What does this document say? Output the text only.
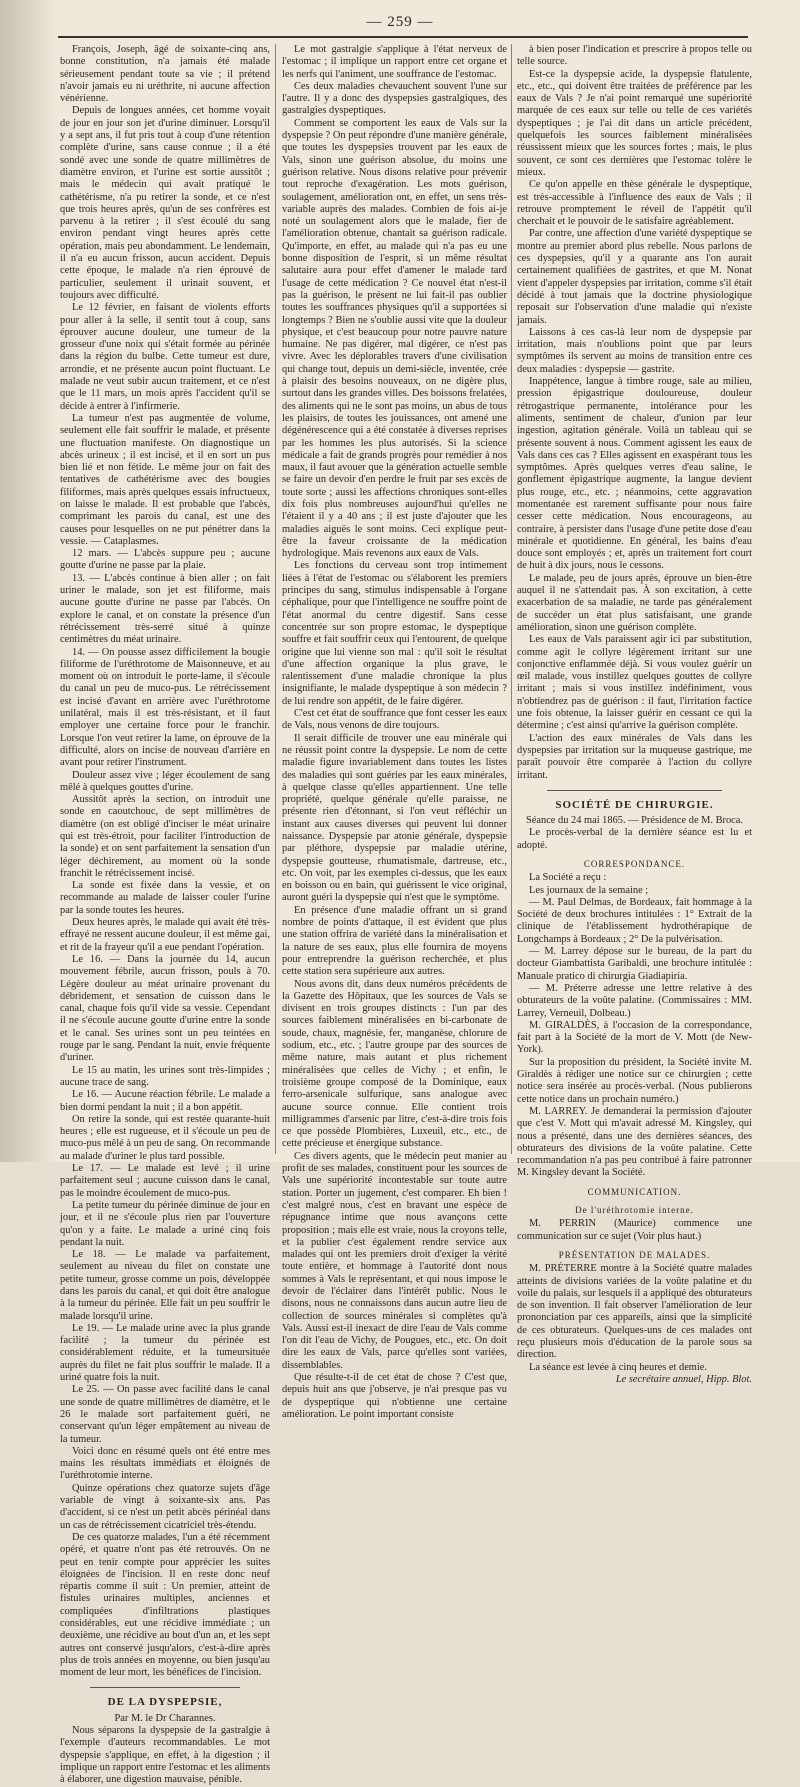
— 259 —

François, Joseph, âgé de soixante-cinq ans, bonne constitution, n'a jamais été malade sérieusement pendant toute sa vie ; il prétend n'avoir jamais eu ni uréthrite, ni aucune affection vénérienne.

Depuis de longues années, cet homme voyait de jour en jour son jet d'urine diminuer. Lorsqu'il y a sept ans, il fut pris tout à coup d'une rétention complète d'urine, sans cause connue ; il a été sondé avec une sonde de quatre millimètres de diamètre environ, et l'urine est sortie aussitôt ; mais le médecin qui avait pratiqué le cathétérisme, n'a pu retirer la sonde, et ce n'est que trois heures après, qu'un de ses confrères est parvenu à la retirer ; il s'est écoulé du sang environ pendant vingt heures après cette opération, mais peu abondamment. Le lendemain, il n'a eu aucun frisson, aucun accident. Depuis cette époque, le malade n'a rien éprouvé de particulier, seulement il urinait souvent, et toujours avec difficulté.

Le 12 février, en faisant de violents efforts pour aller à la selle, il sentit tout à coup, sans éprouver aucune douleur, une tumeur de la grosseur d'une noix qui s'était formée au périnée dans la région du bulbe. Cette tumeur est dure, arrondie, et ne présente aucun point fluctuant. Le malade ne veut subir aucun traitement, et ce n'est que le 11 mars, un mois après l'accident qu'il se décide à entrer à l'infirmerie.

La tumeur n'est pas augmentée de volume, seulement elle fait souffrir le malade, et présente une fluctuation manifeste. On diagnostique un abcès urineux ; il est incisé, et il en sort un pus bien lié et non fétide. Le même jour on fait des tentatives de cathétérisme avec des bougies filiformes, mais après quelques essais infructueux, on laisse le malade. Il est probable que l'abcès, comprimant les parois du canal, est une des causes pour lesquelles on ne put pénétrer dans la vessie. — Cataplasmes.

12 mars. — L'abcès suppure peu ; aucune goutte d'urine ne passe par la plaie.

13. — L'abcès continue à bien aller ; on fait uriner le malade, son jet est filiforme, mais aucune goutte d'urine ne passe par l'abcès. On explore le canal, et on constate la présence d'un rétrécissement très-serré situé à quinze centimètres du méat urinaire.

14. — On pousse assez difficilement la bougie filiforme de l'uréthrotome de Maisonneuve, et au moment où on introduit le porte-lame, il s'écoule du canal un peu de muco-pus. Le rétrécissement est incisé d'avant en arrière avec l'uréthrotome unilatéral, mais il est très-résistant, et il faut employer une certaine force pour le franchir. Lorsque l'on veut retirer la lame, on éprouve de la difficulté, alors on incise de nouveau d'arrière en avant pour retirer l'instrument.

Douleur assez vive ; léger écoulement de sang mêlé à quelques gouttes d'urine.

Aussitôt après la section, on introduit une sonde en caoutchouc, de sept millimètres de diamètre (on est obligé d'inciser le méat urinaire qui est très-étroit, pour faciliter l'introduction de la sonde) et on sent parfaitement la sensation d'un léger déchirement, au moment où la sonde franchit le rétrécissement incisé.

La sonde est fixée dans la vessie, et on recommande au malade de laisser couler l'urine par la sonde toutes les heures.

Deux heures après, le malade qui avait été très-effrayé ne ressent aucune douleur, il est même gai, et rit de la frayeur qu'il a eue pendant l'opération.

Le 16. — Dans la journée du 14, aucun mouvement fébrile, aucun frisson, pouls à 70. Légère douleur au méat urinaire provenant du débridement, et sensation de cuisson dans le canal, chaque fois qu'il vide sa vessie. Cependant il ne s'écoule aucune goutte d'urine entre la sonde et le canal. Ses urines sont un peu teintées en rouge par le sang. Pendant la nuit, envie fréquente d'uriner.

Le 15 au matin, les urines sont très-limpides ; aucune trace de sang.

Le 16. — Aucune réaction fébrile. Le malade a bien dormi pendant la nuit ; il a bon appétit.

On retire la sonde, qui est restée quarante-huit heures ; elle est rugueuse, et il s'écoule un peu de muco-pus mêlé à un peu de sang. On recommande au malade d'uriner le plus tard possible.

Le 17. — Le malade est levé ; il urine parfaitement seul ; aucune cuisson dans le canal, pas le moindre écoulement de muco-pus.

La petite tumeur du périnée diminue de jour en jour, et il ne s'écoule plus rien par l'ouverture qu'on y a faite. Le malade a uriné cinq fois pendant la nuit.

Le 18. — Le malade va parfaitement, seulement au niveau du filet on constate une petite tumeur, grosse comme un pois, développée dans les parois du canal, et qui doit être analogue à la tumeur du périnée. Elle fait un peu souffrir le malade lorsqu'il urine.

Le 19. — Le malade urine avec la plus grande facilité ; la tumeur du périnée est considérablement réduite, et la tumeursituée auprès du filet ne fait plus souffrir le malade. Il a uriné quatre fois la nuit.

Le 25. — On passe avec facilité dans le canal une sonde de quatre millimètres de diamètre, et le 26 le malade sort parfaitement guéri, ne conservant qu'un léger empâtement au niveau de la tumeur.

Voici donc en résumé quels ont été entre mes mains les résultats immédiats et éloignés de l'uréthrotomie interne.

Quinze opérations chez quatorze sujets d'âge variable de vingt à soixante-six ans. Pas d'accident, si ce n'est un petit abcès périnéal dans un cas de rétrécissement cicatriciel très-étendu.

De ces quatorze malades, l'un a été récemment opéré, et quatre n'ont pas été retrouvés. On ne peut en tenir compte pour apprécier les suites éloignées de l'incision. Il en reste donc neuf répartis comme il suit : Un premier, atteint de fistules urinaires multiples, anciennes et compliquées d'infiltrations plastiques considérables, eut une récidive immédiate ; un deuxième, une récidive au bout d'un an, et les sept autres ont conservé jusqu'alors, c'est-à-dire après plus de trois années en moyenne, ou bien jusqu'au moment de leur mort, les bénéfices de l'incision.

DE LA DYSPEPSIE,

Par M. le Dr Charannes.

Nous séparons la dyspepsie de la gastralgie à l'exemple d'auteurs recommandables. Le mot dyspepsie s'applique, en effet, à la digestion ; il implique un rapport entre l'estomac et les aliments à élaborer, une digestion mauvaise, pénible.

Le mot gastralgie s'applique à l'état nerveux de l'estomac ; il implique un rapport entre cet organe et les nerfs qui l'animent, une souffrance de l'estomac.

Ces deux maladies chevauchent souvent l'une sur l'autre. Il y a donc des dyspepsies gastralgiques, des gastralgies dyspeptiques.

Comment se comportent les eaux de Vals sur la dyspepsie ? On peut répondre d'une manière générale, que toutes les dyspepsies trouvent par les eaux de Vals, sinon une guérison absolue, du moins une guérison relative. Nous disons relative pour prévenir tout reproche d'exagération. Les mots guérison, soulagement, amélioration ont, en effet, un sens très-variable auprès des malades. Combien de fois ai-je noté un soulagement alors que le malade, fier de l'amélioration obtenue, chantait sa guérison radicale. Qu'importe, en effet, au malade qui n'a pas eu une bonne disposition de l'esprit, si un même résultat salutaire aura pour effet d'amener le malade tard l'usage de cette médication ? Ce nouvel état n'est-il pas la guérison, le présent ne lui fait-il pas oublier toutes les souffrances physiques qu'il a supportées si longtemps ? Bien ne s'oublie aussi vite que la douleur physique, et c'est beaucoup pour notre pauvre nature humaine. Ne pas digérer, mal digérer, ce n'est pas vivre. Avec les déplorables travers d'une civilisation qui change tout, depuis un demi-siècle, inventée, crée à plaisir des besoins nouveaux, on ne digère plus, surtout dans les grandes villes. Des boissons frelatées, des aliments qui ne le sont pas moins, un abus de tous les plaisirs, de toutes les jouissances, ont amené une dégénérescence qui a été constatée à diverses reprises par les hommes les plus autorisés. Si la science médicale a fait de grands progrès pour remédier à nos maux, il faut avouer que la génération actuelle semble se faire un devoir d'en perdre le fruit par ses excès de toute sorte ; aussi les affections chroniques sont-elles dix fois plus nombreuses aujourd'hui qu'elles ne l'étaient il y a 40 ans ; il est juste d'ajouter que les maladies aiguës le sont moins. Ceci explique peut-être la faveur croissante de la médication hydrologique. Mais revenons aux eaux de Vals.

Les fonctions du cerveau sont trop intimement liées à l'état de l'estomac ou s'élaborent les premiers principes du sang, stimulus indispensable à l'organe céphalique, pour que l'intelligence ne souffre point de l'état anormal du centre digestif. Sans cesse concentrée sur son propre estomac, le dyspeptique souffre et fait souffrir ceux qui l'entourent, de quelque origine que lui vienne son mal : qu'il soit le résultat d'une affection organique la plus grave, le ralentissement d'une maladie chronique la plus insignifiante, le malade dyspeptique à son médecin ? de lui rendre son appétit, de le faire digérer.

C'est cet état de souffrance que font cesser les eaux de Vals, nous venons de dire toujours.

Il serait difficile de trouver une eau minérale qui ne réussit point contre la dyspepsie. Le nom de cette maladie figure invariablement dans toutes les listes des maladies qui sont guéries par les eaux minérales, à quelque classe qu'elles appartiennent. Une telle propriété, quelque générale qu'elle paraisse, ne présente rien d'étonnant, si l'on veut réfléchir un instant aux causes diverses qui peuvent lui donner naissance. Dyspepsie par atonie générale, dyspepsie par pléthore, dyspepsie par maladie utérine, dyspepsie goutteuse, rhumatismale, dartreuse, etc., etc. On voit, par les exemples ci-dessus, que les eaux en boisson ou en bain, qui guérissent le vice original, auront guéri la dyspepsie qui n'est que le symptôme.

En présence d'une maladie offrant un si grand nombre de points d'attaque, il est évident que plus une station offrira de variété dans la minéralisation et la nature de ses eaux, plus elle fournira de moyens pour entreprendre la guérison recherchée, et plus cette station sera supérieure aux autres.

Nous avons dit, dans deux numéros précédents de la Gazette des Hôpitaux, que les sources de Vals se divisent en trois groupes distincts : l'un par des sources faiblement minéralisées en bi-carbonate de soude, chaux, magnésie, fer, manganèse, chlorure de sodium, etc., etc. ; l'autre groupe par des sources de même nature, mais autant et plus richement minéralisées que celles de Vichy ; et enfin, le troisième groupe composé de la Dominique, eaux ferro-arsenicale sulfurique, sans analogue avec aucune source connue. Elle contient trois milligrammes d'arsenic par litre, c'est-à-dire trois fois ce que possède Plombières, Luxeuil, etc., etc., de cette précieuse et énergique substance.

Ces divers agents, que le médecin peut manier au profit de ses malades, constituent pour les sources de Vals une supériorité incontestable sur toute autre station. Porter un jugement, c'est comparer. Eh bien ! c'est malgré nous, c'est en bravant une espèce de répugnance intime que nous avançons cette proposition ; mais elle est vraie, nous la croyons telle, et la publier c'est également rendre service aux malades qui ont les premiers droit d'exiger la vérité toute entière, et hommage à l'autorité dont nous sommes à Vals le représentant, et qui nous impose le devoir de l'éclairer dans l'intérêt public. Nous le disons, nous ne connaissons dans aucun autre lieu de collection de sources minérales si complètes qu'à Vals. Aussi est-il inexact de dire l'eau de Vals comme l'on dit l'eau de Vichy, de Pougues, etc., etc. On doit dire les eaux de Vals, parce qu'elles sont variées, dissemblables.

Que résulte-t-il de cet état de chose ? C'est que, depuis huit ans que j'observe, je n'ai presque pas vu de dyspeptique qui n'obtienne une certaine amélioration. Le point important consiste

à bien poser l'indication et prescrire à propos telle ou telle source.

Est-ce la dyspepsie acide, la dyspepsie flatulente, etc., etc., qui doivent être traitées de préférence par les eaux de Vals ? Je n'ai point remarqué une supériorité marquée de ces eaux sur telle ou telle de ces variétés dyspeptiques ; je l'ai dit dans un article précédent, quelquefois les sources faiblement minéralisées réussissent mieux que les sources fortes ; mais, le plus souvent, ce sont ces dernières que l'estomac tolère le mieux.

Ce qu'on appelle en thèse générale le dyspeptique, est très-accessible à l'influence des eaux de Vals ; il retrouve promptement le réveil de l'appétit qu'il cherchait et le pouvoir de le satisfaire agréablement.

Par contre, une affection d'une variété dyspeptique se montre au premier abord plus rebelle. Nous parlons de ces dyspepsies, qu'il y a quarante ans l'on aurait certainement qualifiées de gastrites, et que M. Nonat vient d'appeler dyspepsies par irritation, comme s'il était décidé à tout jamais que la doctrine physiologique reposait sur l'observation d'une maladie qui n'existe jamais.

Laissons à ces cas-là leur nom de dyspepsie par irritation, mais n'oublions point que par leurs symptômes ils servent au moins de transition entre ces deux maladies : dyspepsie — gastrite.

Inappétence, langue à timbre rouge, sale au milieu, pression épigastrique douloureuse, douleur rétrogastrique permanente, intolérance pour les aliments, sentiment de chaleur, d'union par leur ingestion, agitation générale. Voilà un tableau qui se présente souvent à nous. Comment agissent les eaux de Vals dans ces cas ? Elles agissent en exaspérant tous les symptômes. Après quelques verres d'eau saline, le gonflement épigastrique augmente, la langue devient plus rouge, etc., etc. ; néanmoins, cette aggravation momentanée est rarement suffisante pour nous faire cesser cette médication. Nous encourageons, au contraire, à persister dans l'usage d'une petite dose d'eau minérale et quotidienne. En général, les bains d'eau douce sont employés ; et, après un traitement fort court de huit à dix jours, nous le cessons.

Le malade, peu de jours après, éprouve un bien-être auquel il ne s'attendait pas. À son excitation, à cette exacerbation de sa maladie, ne tarde pas généralement de succéder un état plus satisfaisant, une grande amélioration, sinon une guérison complète.

Les eaux de Vals paraissent agir ici par substitution, comme agit le collyre légèrement irritant sur une conjonctive enflammée déjà. Si vous voulez guérir un œil malade, vous instillez quelques gouttes de collyre irritant ; mais si vous instillez indéfiniment, vous n'obtiendrez pas de guérison : il faut, l'irritation factice une fois obtenue, la laisser guérir en cessant ce qui la détermine ; c'est ainsi qu'arrive la guérison complète.

L'action des eaux minérales de Vals dans les dyspepsies par irritation sur la muqueuse gastrique, me paraît pouvoir être comparée à l'action du collyre irritant.

SOCIÉTÉ DE CHIRURGIE.

Séance du 24 mai 1865. — Présidence de M. Broca.

Le procès-verbal de la dernière séance est lu et adopté.

CORRESPONDANCE.

La Société a reçu :

Les journaux de la semaine ;

— M. Paul Delmas, de Bordeaux, fait hommage à la Société de deux brochures intitulées : 1° Extrait de la clinique de l'établissement hydrothérapique de Longchamps à Bordeaux ; 2° De la pulvérisation.

— M. Larrey dépose sur le bureau, de la part du docteur Giambattista Garibaldi, une brochure intitulée : Manuale pratico di chirurgia Giadiapiria.

— M. Préterre adresse une lettre relative à des obturateurs de la voûte palatine. (Commissaires : MM. Larrey, Verneuil, Dolbeau.)

M. GIRALDÈS, à l'occasion de la correspondance, fait part à la Société de la mort de V. Mott (de New-York).

Sur la proposition du président, la Société invite M. Giraldès à rédiger une notice sur ce chirurgien ; cette notice sera insérée au procès-verbal. (Nous publierons cette notice dans un prochain numéro.)

M. LARREY. Je demanderai la permission d'ajouter que c'est V. Mott qui m'avait adressé M. Kingsley, qui nous a présenté, dans une des dernières séances, des obturateurs des divisions de la voûte palatine. Cette recommandation n'a pas peu contribué à faire patronner M. Kingsley devant la Société.

COMMUNICATION.
De l'uréthrotomie interne.

M. PERRIN (Maurice) commence une communication sur ce sujet (Voir plus haut.)

PRÉSENTATION DE MALADES.

M. PRÉTERRE montre à la Société quatre malades atteints de divisions variées de la voûte palatine et du voile du palais, sur lesquels il a appliqué des obturateurs de son invention. Il fait observer l'amélioration de leur prononciation par ces appareils, ainsi que la simplicité de ces obturateurs. Quelques-uns de ces malades ont reçu plusieurs mois d'éducation de la parole sous sa direction.

La séance est levée à cinq heures et demie.

Le secrétaire annuel, Hipp. Blot.
